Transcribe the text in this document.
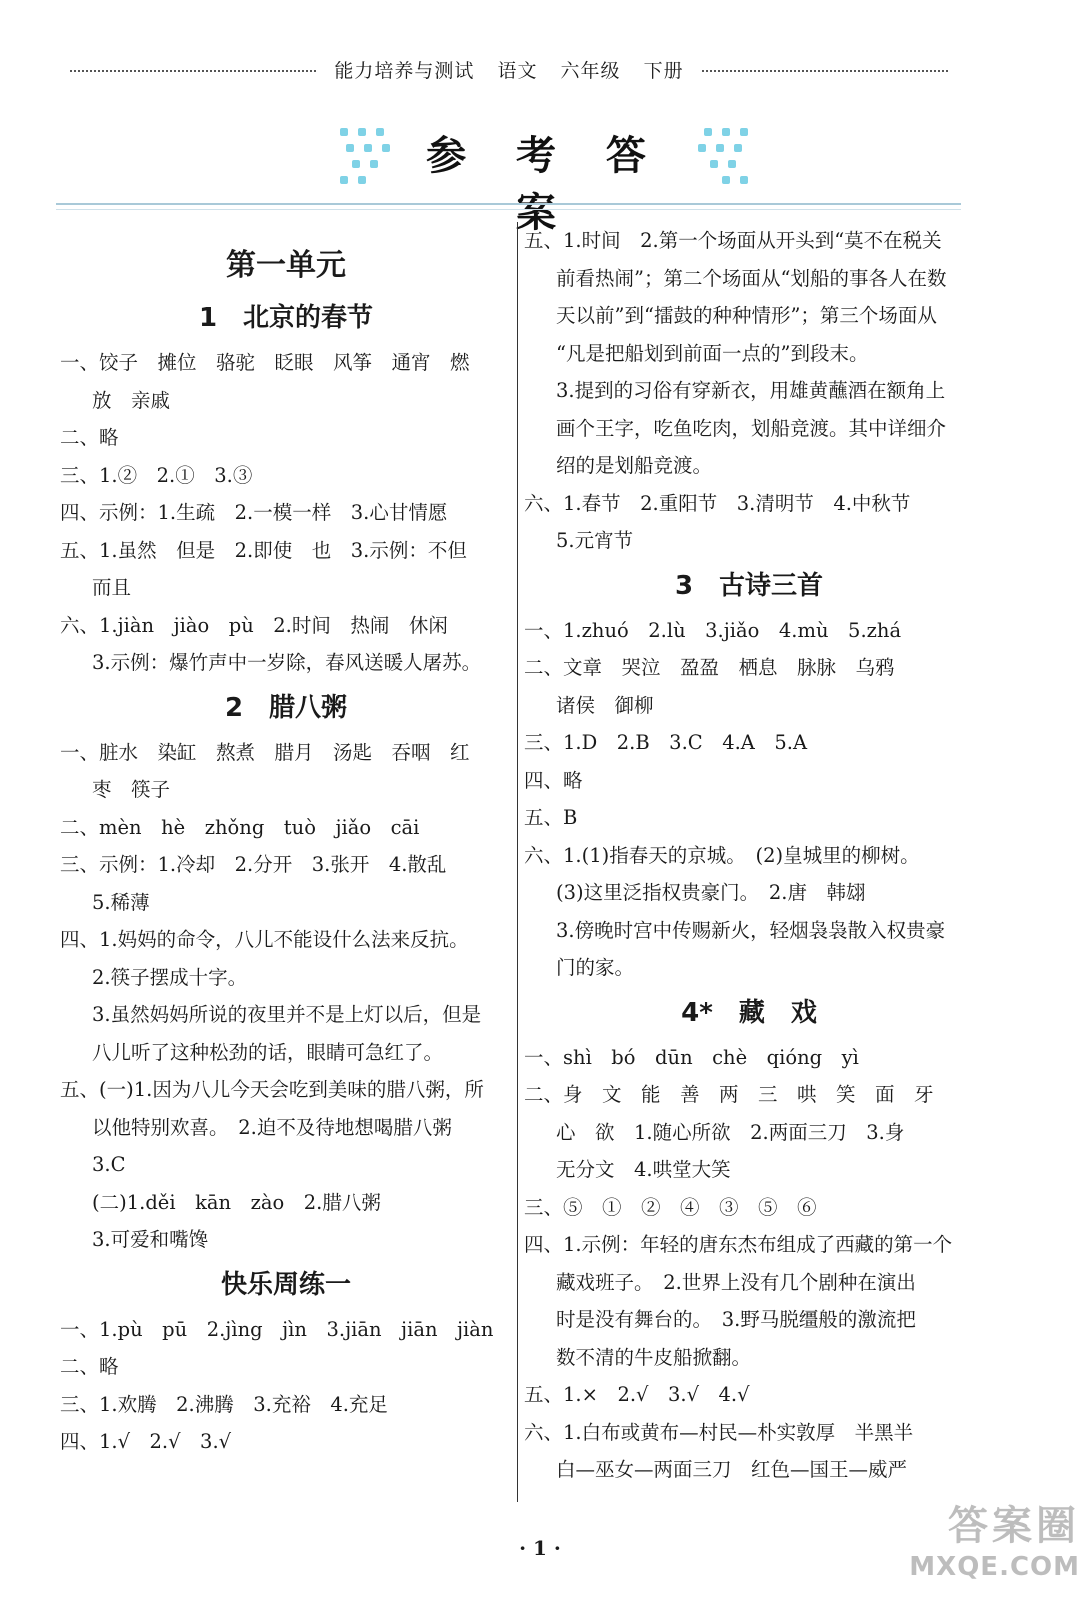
能力培养与测试 语文 六年级 下册
参 考 答 案
第一单元
1　北京的春节
一、饺子　摊位　骆驼　眨眼　风筝　通宵　燃
放　亲戚
二、略
三、1.②　2.①　3.③
四、示例：1.生疏　2.一模一样　3.心甘情愿
五、1.虽然　但是　2.即使　也　3.示例：不但
而且
六、1.jiàn　jiào　pù　2.时间　热闹　休闲
3.示例：爆竹声中一岁除，春风送暖人屠苏。
2　腊八粥
一、脏水　染缸　熬煮　腊月　汤匙　吞咽　红
枣　筷子
二、mèn　hè　zhǒng　tuò　jiǎo　cāi
三、示例：1.冷却　2.分开　3.张开　4.散乱
5.稀薄
四、1.妈妈的命令，八儿不能设什么法来反抗。
2.筷子摆成十字。
3.虽然妈妈所说的夜里并不是上灯以后，但是
八儿听了这种松劲的话，眼睛可急红了。
五、(一)1.因为八儿今天会吃到美味的腊八粥，所
以他特别欢喜。　2.迫不及待地想喝腊八粥
3.C
(二)1.děi　kān　zào　2.腊八粥
3.可爱和嘴馋
快乐周练一
一、1.pù　pū　2.jìng　jìn　3.jiān　jiān　jiàn
二、略
三、1.欢腾　2.沸腾　3.充裕　4.充足
四、1.√　2.√　3.√
五、1.时间　2.第一个场面从开头到“莫不在税关
前看热闹”；第二个场面从“划船的事各人在数
天以前”到“擂鼓的种种情形”；第三个场面从
“凡是把船划到前面一点的”到段末。
3.提到的习俗有穿新衣，用雄黄蘸酒在额角上
画个王字，吃鱼吃肉，划船竞渡。其中详细介
绍的是划船竞渡。
六、1.春节　2.重阳节　3.清明节　4.中秋节
5.元宵节
3　古诗三首
一、1.zhuó　2.lù　3.jiǎo　4.mù　5.zhá
二、文章　哭泣　盈盈　栖息　脉脉　乌鸦
诸侯　御柳
三、1.D　2.B　3.C　4.A　5.A
四、略
五、B
六、1.(1)指春天的京城。　(2)皇城里的柳树。
(3)这里泛指权贵豪门。　2.唐　韩翃
3.傍晚时宫中传赐新火，轻烟袅袅散入权贵豪
门的家。
4*　藏　戏
一、shì　bó　dūn　chè　qióng　yì
二、身　文　能　善　两　三　哄　笑　面　牙
心　欲　1.随心所欲　2.两面三刀　3.身
无分文　4.哄堂大笑
三、⑤　①　②　④　③　⑤　⑥
四、1.示例：年轻的唐东杰布组成了西藏的第一个
藏戏班子。　2.世界上没有几个剧种在演出
时是没有舞台的。　3.野马脱缰般的激流把
数不清的牛皮船掀翻。
五、1.×　2.√　3.√　4.√
六、1.白布或黄布—村民—朴实敦厚　半黑半
白—巫女—两面三刀　红色—国王—威严
· 1 ·	答案圈
MXQE.COM
